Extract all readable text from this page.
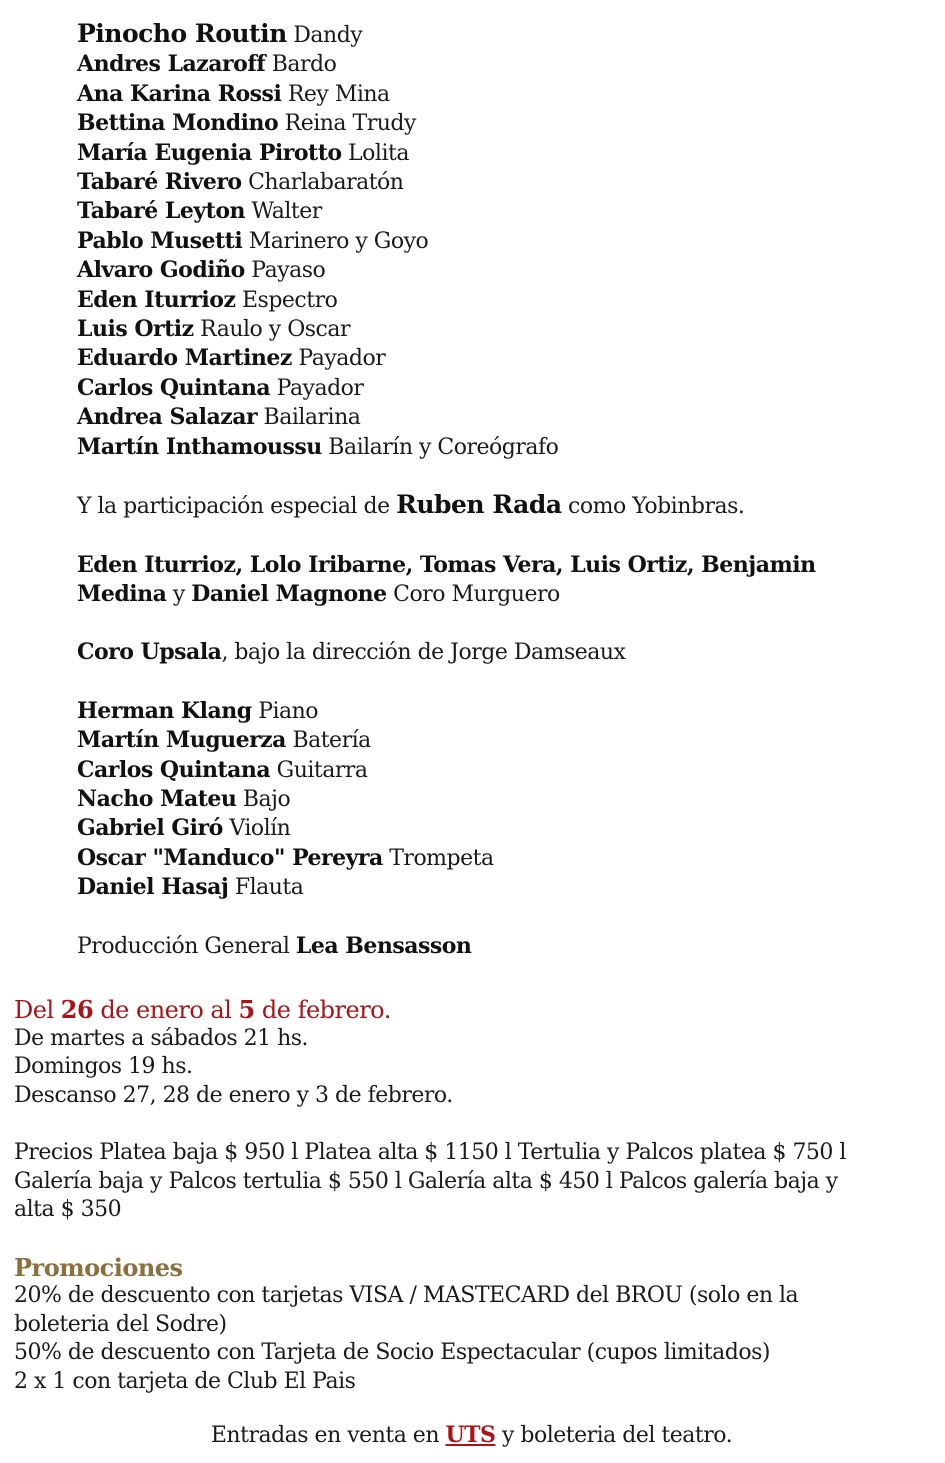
Pinocho Routin Dandy
Andres Lazaroff Bardo
Ana Karina Rossi Rey Mina
Bettina Mondino Reina Trudy
María Eugenia Pirotto Lolita
Tabaré Rivero Charlabaratón
Tabaré Leyton Walter
Pablo Musetti Marinero y Goyo
Alvaro Godiño Payaso
Eden Iturrioz Espectro
Luis Ortiz Raulo y Oscar
Eduardo Martinez Payador
Carlos Quintana Payador
Andrea Salazar Bailarina
Martín Inthamoussu Bailarín y Coreógrafo
Y la participación especial de Ruben Rada como Yobinbras.
Eden Iturrioz, Lolo Iribarne, Tomas Vera, Luis Ortiz, Benjamin
Medina y Daniel Magnone Coro Murguero
Coro Upsala, bajo la dirección de Jorge Damseaux
Herman Klang Piano
Martín Muguerza Batería
Carlos Quintana Guitarra
Nacho Mateu Bajo
Gabriel Giró Violín
Oscar "Manduco" Pereyra Trompeta
Daniel Hasaj Flauta
Producción General Lea Bensasson
Del 26 de enero al 5 de febrero.
De martes a sábados 21 hs.
Domingos 19 hs.
Descanso 27, 28 de enero y 3 de febrero.
Precios Platea baja $ 950 l Platea alta $ 1150 l Tertulia y Palcos platea $ 750 l
Galería baja y Palcos tertulia $ 550 l Galería alta $ 450 l Palcos galería baja y
alta $ 350
Promociones
20% de descuento con tarjetas VISA / MASTECARD del BROU (solo en la
boleteria del Sodre)
50% de descuento con Tarjeta de Socio Espectacular (cupos limitados)
2 x 1 con tarjeta de Club El Pais
Entradas en venta en UTS y boleteria del teatro.
